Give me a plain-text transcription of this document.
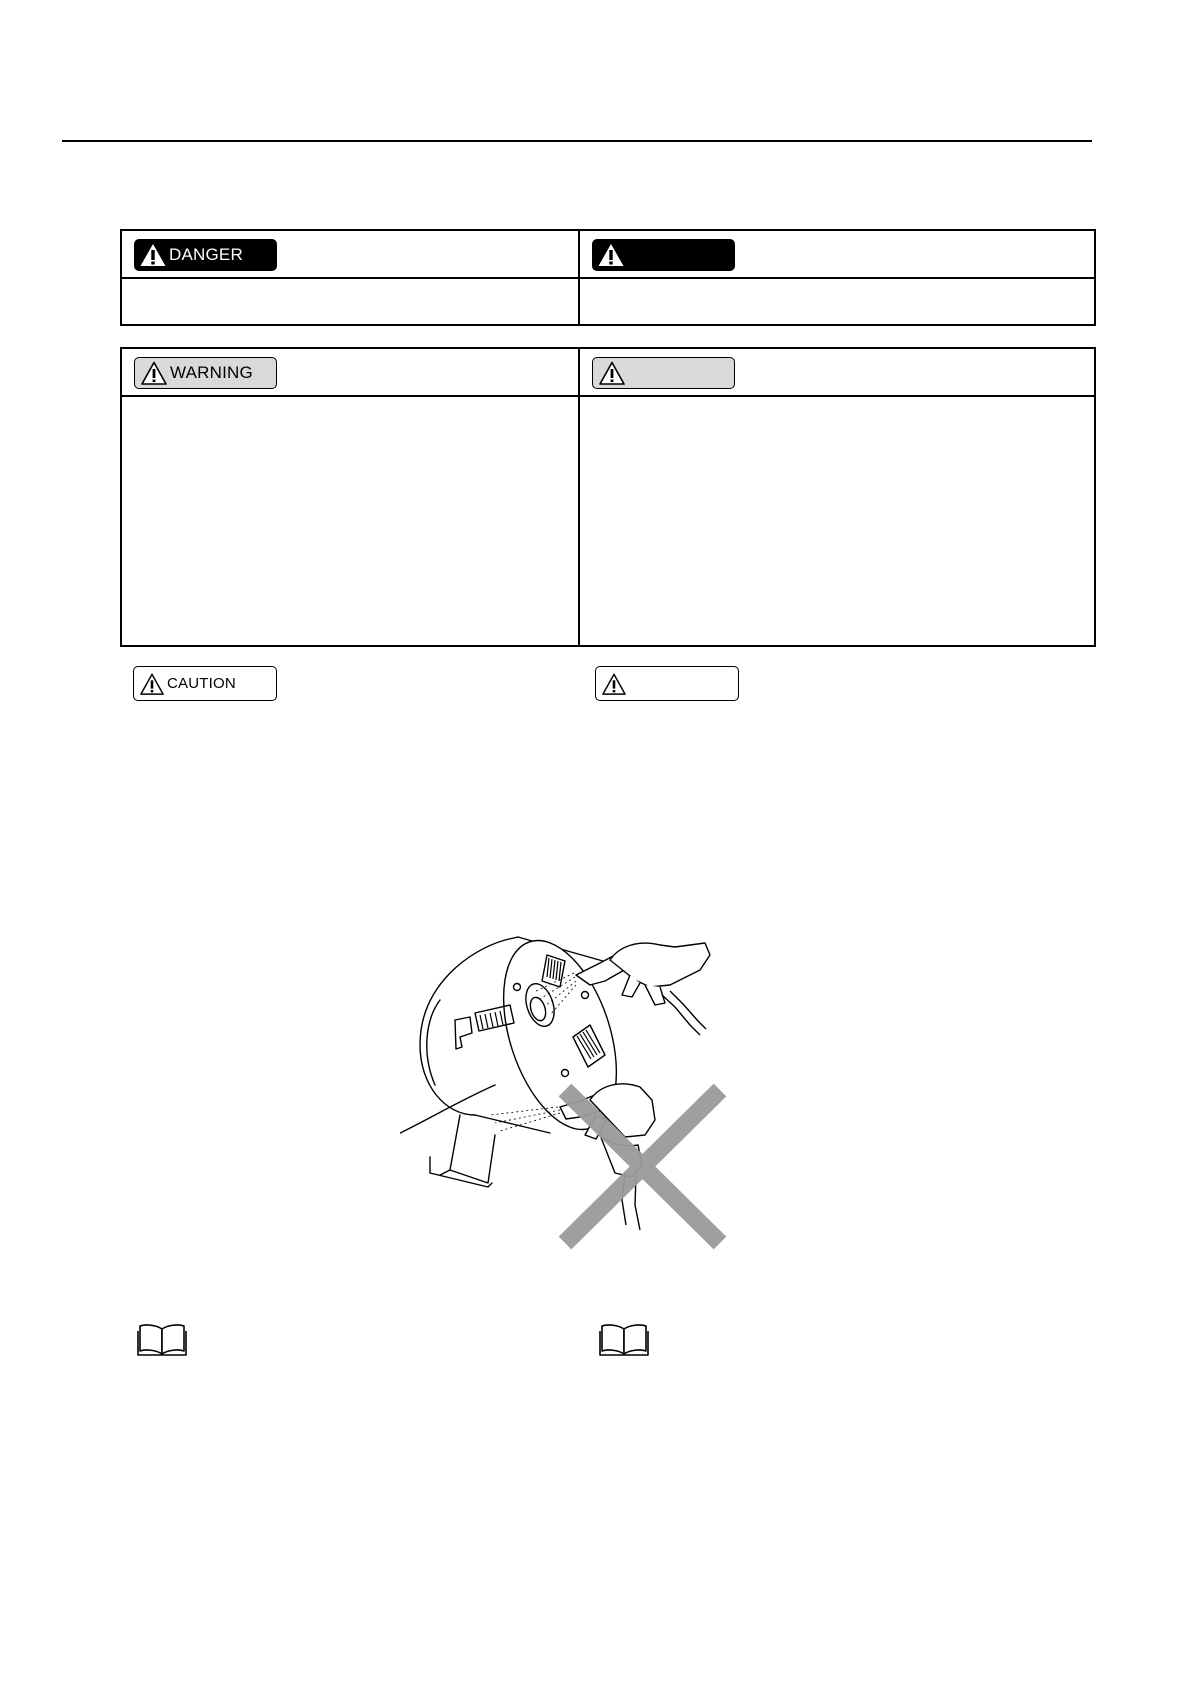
DANGER

WARNING

CAUTION
